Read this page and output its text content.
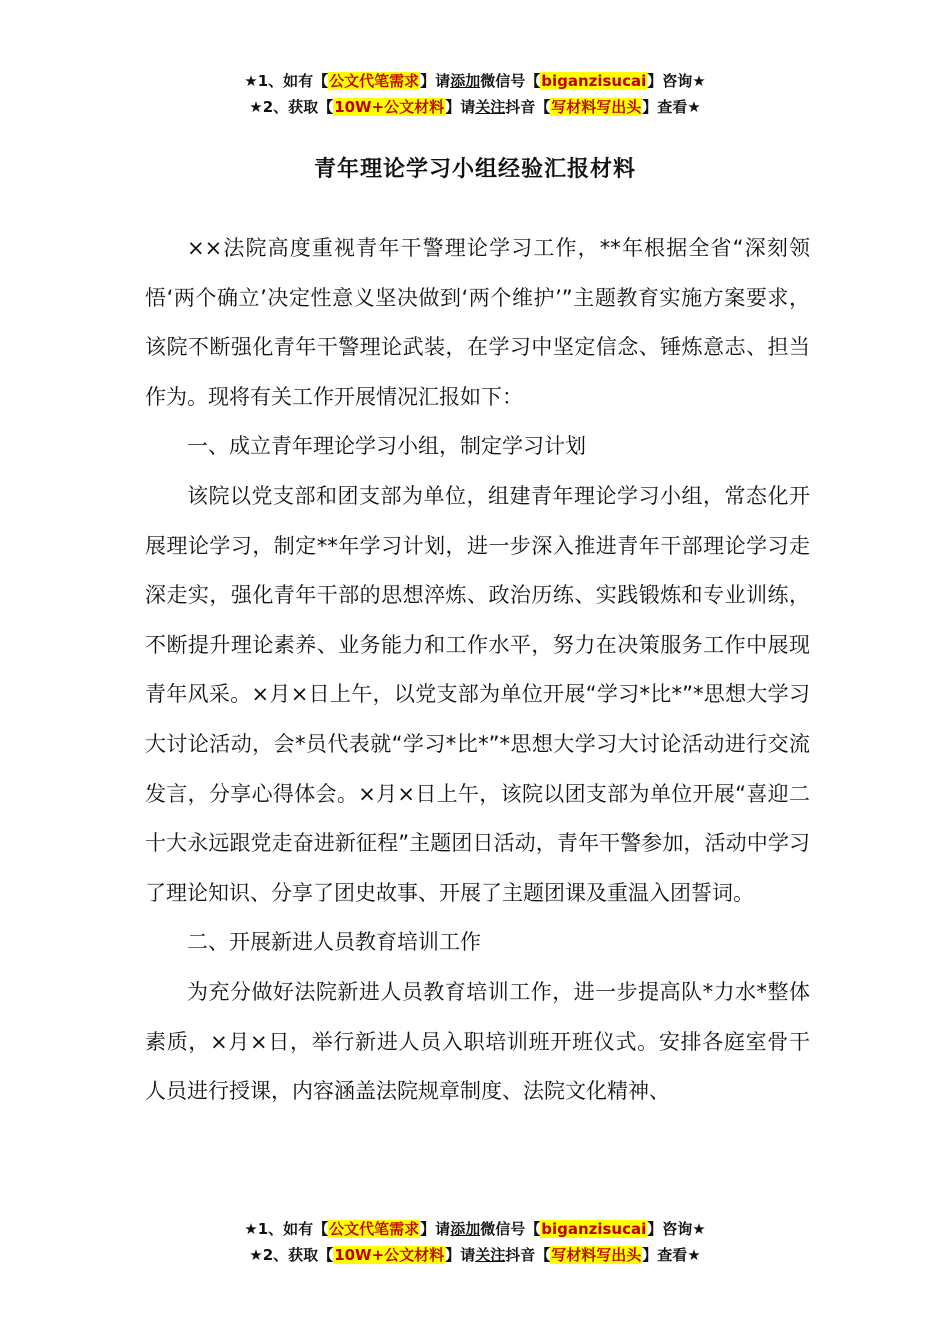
★1、如有【公文代笔需求】请添加微信号【biganzisucai】咨询★
★2、获取【10W+公文材料】请关注抖音【写材料写出头】查看★
青年理论学习小组经验汇报材料

××法院高度重视青年干警理论学习工作，**年根据全省“深刻领悟‘两个确立’决定性意义坚决做到‘两个维护’”主题教育实施方案要求，该院不断强化青年干警理论武装，在学习中坚定信念、锤炼意志、担当作为。现将有关工作开展情况汇报如下：

一、成立青年理论学习小组，制定学习计划

该院以党支部和团支部为单位，组建青年理论学习小组，常态化开展理论学习，制定**年学习计划，进一步深入推进青年干部理论学习走深走实，强化青年干部的思想淬炼、政治历练、实践锻炼和专业训练，不断提升理论素养、业务能力和工作水平，努力在决策服务工作中展现青年风采。×月×日上午，以党支部为单位开展“学习*比*”*思想大学习大讨论活动，会*员代表就“学习*比*”*思想大学习大讨论活动进行交流发言，分享心得体会。×月×日上午，该院以团支部为单位开展“喜迎二十大永远跟党走奋进新征程”主题团日活动，青年干警参加，活动中学习了理论知识、分享了团史故事、开展了主题团课及重温入团誓词。

二、开展新进人员教育培训工作

为充分做好法院新进人员教育培训工作，进一步提高队*力水*整体素质，×月×日，举行新进人员入职培训班开班仪式。安排各庭室骨干人员进行授课，内容涵盖法院规章制度、法院文化精神、

★1、如有【公文代笔需求】请添加微信号【biganzisucai】咨询★
★2、获取【10W+公文材料】请关注抖音【写材料写出头】查看★
